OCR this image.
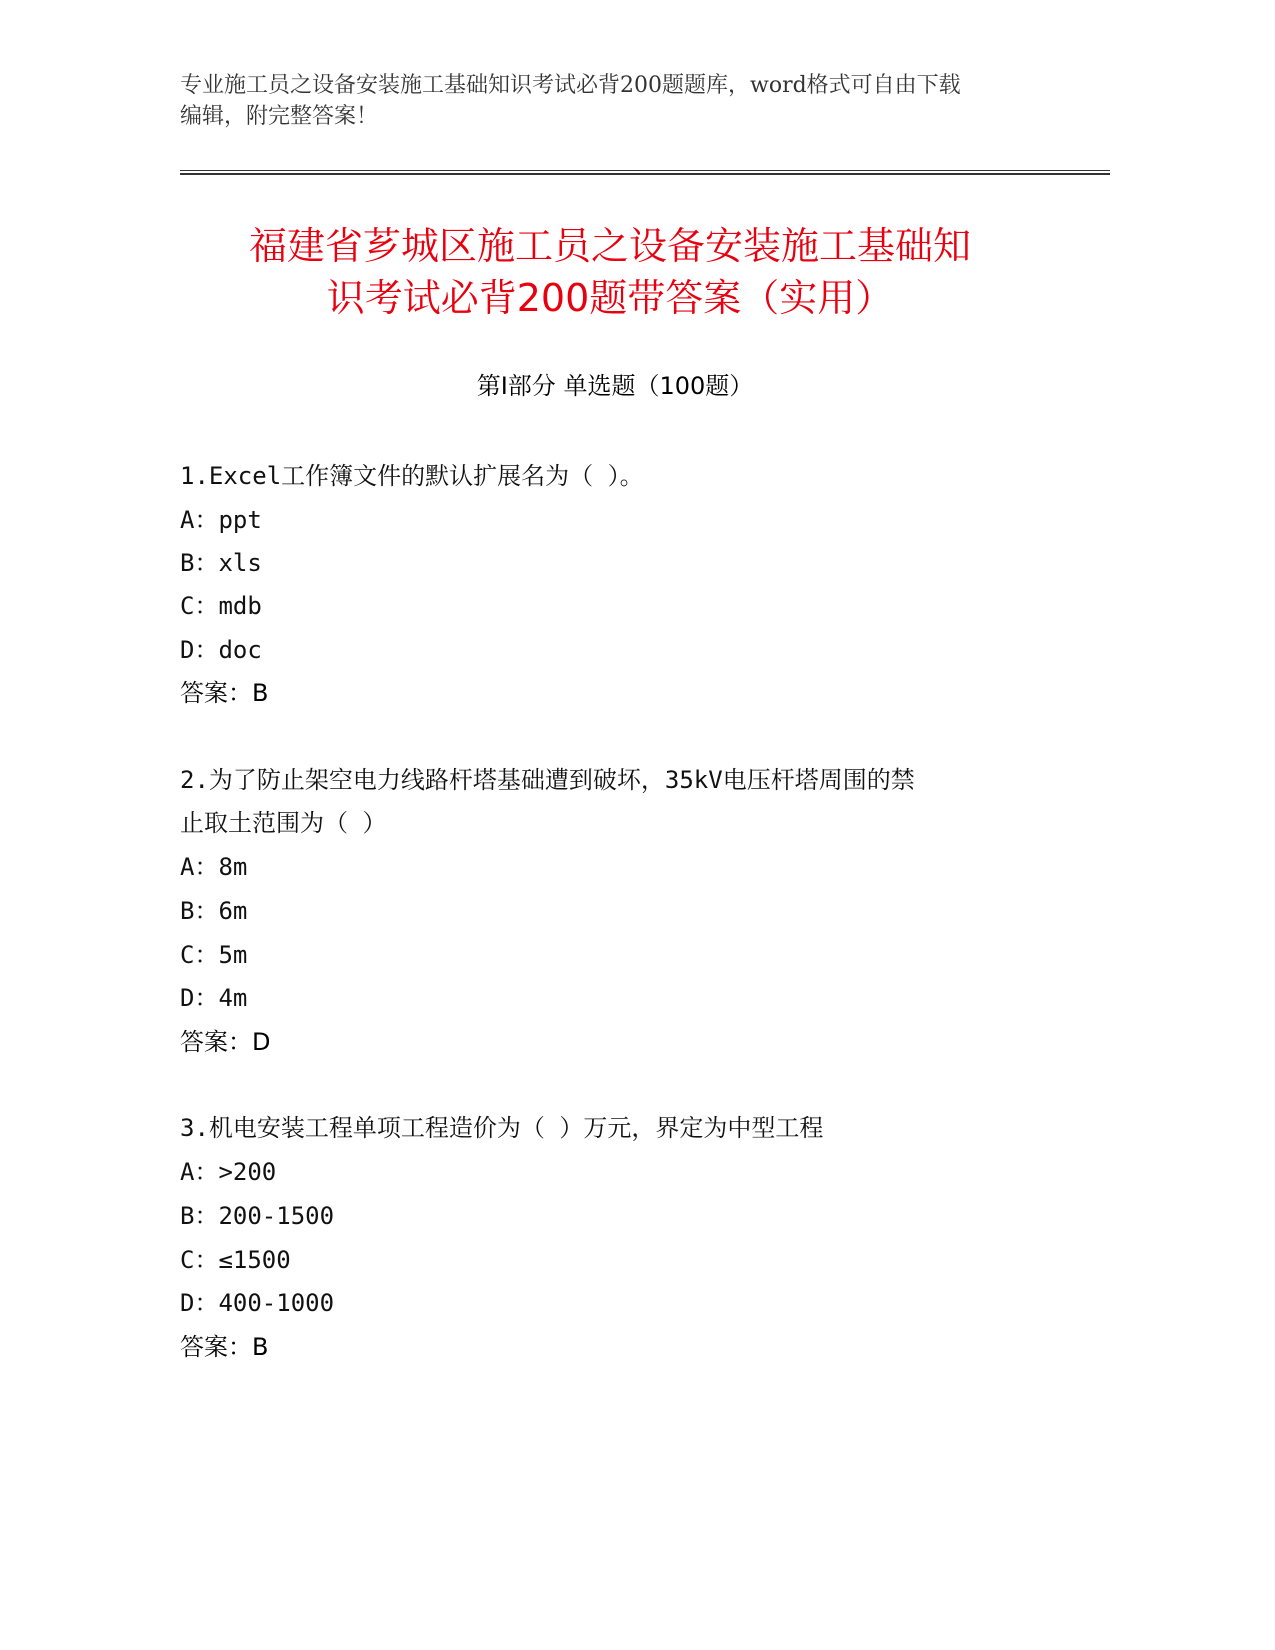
专业施工员之设备安装施工基础知识考试必背200题题库，word格式可自由下载
编辑，附完整答案！
福建省芗城区施工员之设备安装施工基础知
识考试必背200题带答案（实用）
第Ⅰ部分 单选题（100题）
1.Excel工作簿文件的默认扩展名为（ ）。
A：ppt
B：xls
C：mdb
D：doc
答案：B
2.为了防止架空电力线路杆塔基础遭到破坏，35kV电压杆塔周围的禁
止取土范围为（ ）
A：8m
B：6m
C：5m
D：4m
答案：D
3.机电安装工程单项工程造价为（ ）万元，界定为中型工程
A：>200
B：200-1500
C：≤1500
D：400-1000
答案：B
